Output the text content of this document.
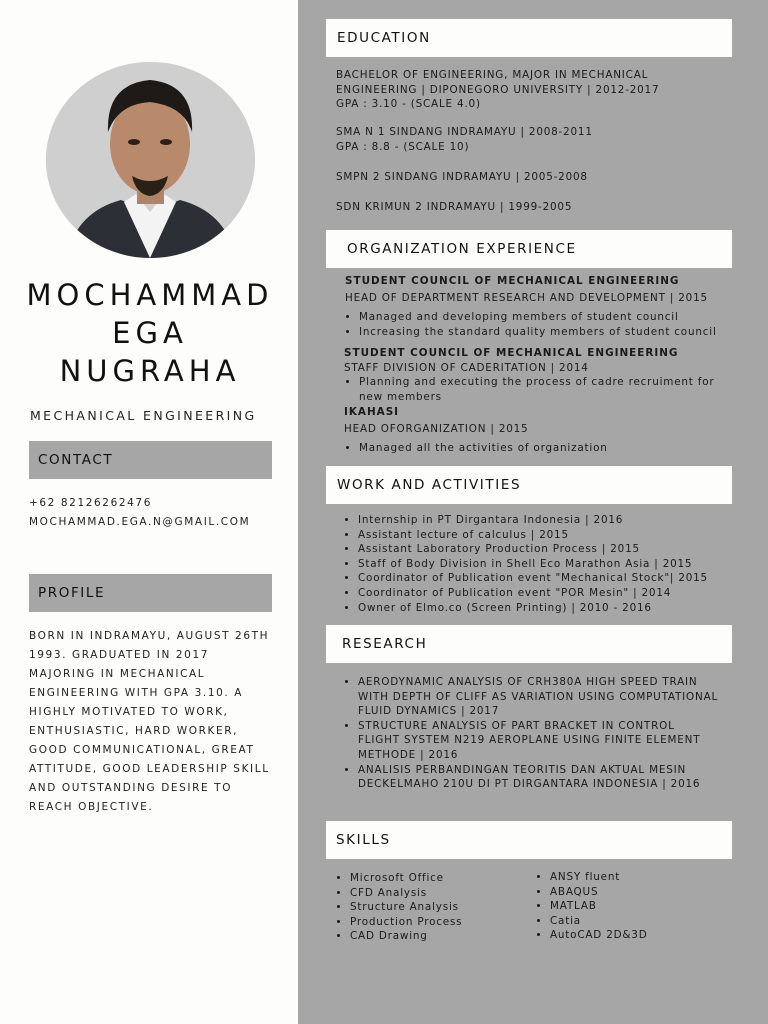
MOCHAMMAD
EGA
NUGRAHA
MECHANICAL ENGINEERING
CONTACT
+62 82126262476
MOCHAMMAD.EGA.N@GMAIL.COM
PROFILE
BORN IN INDRAMAYU, AUGUST 26TH 1993. GRADUATED IN 2017 MAJORING IN MECHANICAL ENGINEERING WITH GPA 3.10. A HIGHLY MOTIVATED TO WORK, ENTHUSIASTIC, HARD WORKER, GOOD COMMUNICATIONAL, GREAT ATTITUDE, GOOD LEADERSHIP SKILL AND OUTSTANDING DESIRE TO REACH OBJECTIVE.
EDUCATION

BACHELOR OF ENGINEERING, MAJOR IN MECHANICAL

ENGINEERING | DIPONEGORO UNIVERSITY | 2012-2017

GPA : 3.10 - (SCALE 4.0)

SMA N 1 SINDANG INDRAMAYU | 2008-2011

GPA : 8.8 - (SCALE 10)

SMPN 2 SINDANG INDRAMAYU | 2005-2008

SDN KRIMUN 2 INDRAMAYU | 1999-2005

ORGANIZATION EXPERIENCE

STUDENT COUNCIL OF MECHANICAL ENGINEERING

HEAD OF DEPARTMENT RESEARCH AND DEVELOPMENT | 2015

• Managed and developing members of student council
• Increasing the standard quality members of student council

STUDENT COUNCIL OF MECHANICAL ENGINEERING

STAFF DIVISION OF CADERITATION | 2014

• Planning and executing the process of cadre recruiment for new members

IKAHASI

HEAD OFORGANIZATION | 2015

• Managed all the activities of organization
WORK AND ACTIVITIES
• Internship in PT Dirgantara Indonesia | 2016
• Assistant lecture of calculus | 2015
• Assistant Laboratory Production Process | 2015
• Staff of Body Division in Shell Eco Marathon Asia | 2015
• Coordinator of Publication event "Mechanical Stock"| 2015
• Coordinator of Publication event "POR Mesin" | 2014
• Owner of Elmo.co (Screen Printing) | 2010 - 2016
RESEARCH
• AERODYNAMIC ANALYSIS OF CRH380A HIGH SPEED TRAIN WITH DEPTH OF CLIFF AS VARIATION USING COMPUTATIONAL FLUID DYNAMICS | 2017
• STRUCTURE ANALYSIS OF PART BRACKET IN CONTROL FLIGHT SYSTEM N219 AEROPLANE USING FINITE ELEMENT METHODE | 2016
• ANALISIS PERBANDINGAN TEORITIS DAN AKTUAL MESIN DECKELMAHO 210U DI PT DIRGANTARA INDONESIA | 2016
SKILLS
• Microsoft Office
• CFD Analysis
• Structure Analysis
• Production Process
• CAD Drawing
• ANSY fluent
• ABAQUS
• MATLAB
• Catia
• AutoCAD 2D&3D
